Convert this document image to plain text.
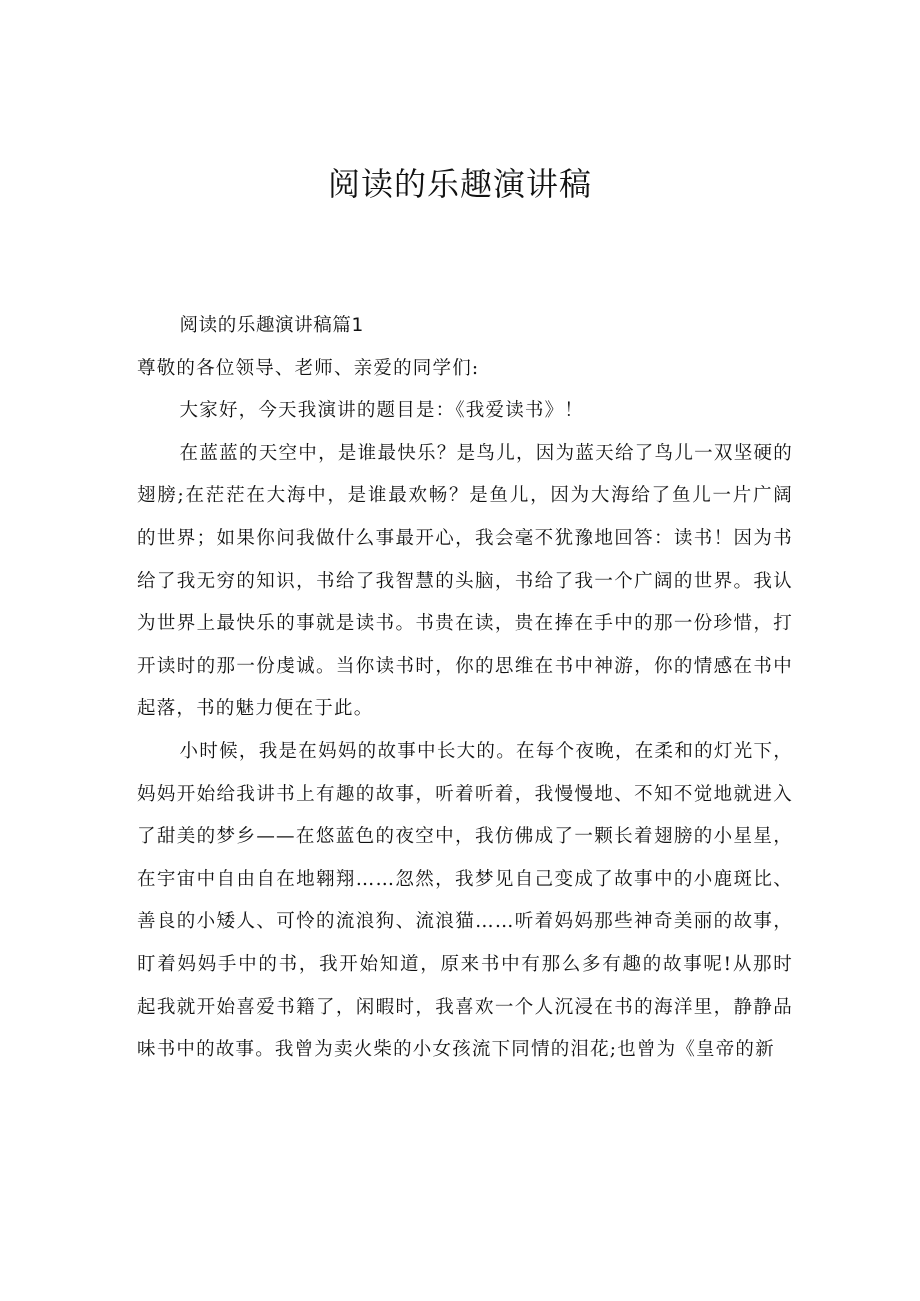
阅读的乐趣演讲稿

阅读的乐趣演讲稿篇1

尊敬的各位领导、老师、亲爱的同学们:

大家好，今天我演讲的题目是：《我爱读书》！

在蓝蓝的天空中，是谁最快乐？是鸟儿，因为蓝天给了鸟儿一双坚硬的翅膀;在茫茫在大海中，是谁最欢畅？是鱼儿，因为大海给了鱼儿一片广阔的世界；如果你问我做什么事最开心，我会毫不犹豫地回答：读书！因为书给了我无穷的知识，书给了我智慧的头脑，书给了我一个广阔的世界。我认为世界上最快乐的事就是读书。书贵在读，贵在捧在手中的那一份珍惜，打开读时的那一份虔诚。当你读书时，你的思维在书中神游，你的情感在书中起落，书的魅力便在于此。

小时候，我是在妈妈的故事中长大的。在每个夜晚，在柔和的灯光下，妈妈开始给我讲书上有趣的故事，听着听着，我慢慢地、不知不觉地就进入了甜美的梦乡——在悠蓝色的夜空中，我仿佛成了一颗长着翅膀的小星星，在宇宙中自由自在地翱翔……忽然，我梦见自己变成了故事中的小鹿斑比、善良的小矮人、可怜的流浪狗、流浪猫……听着妈妈那些神奇美丽的故事，盯着妈妈手中的书，我开始知道，原来书中有那么多有趣的故事呢!从那时起我就开始喜爱书籍了，闲暇时，我喜欢一个人沉浸在书的海洋里，静静品味书中的故事。我曾为卖火柴的小女孩流下同情的泪花;也曾为《皇帝的新
